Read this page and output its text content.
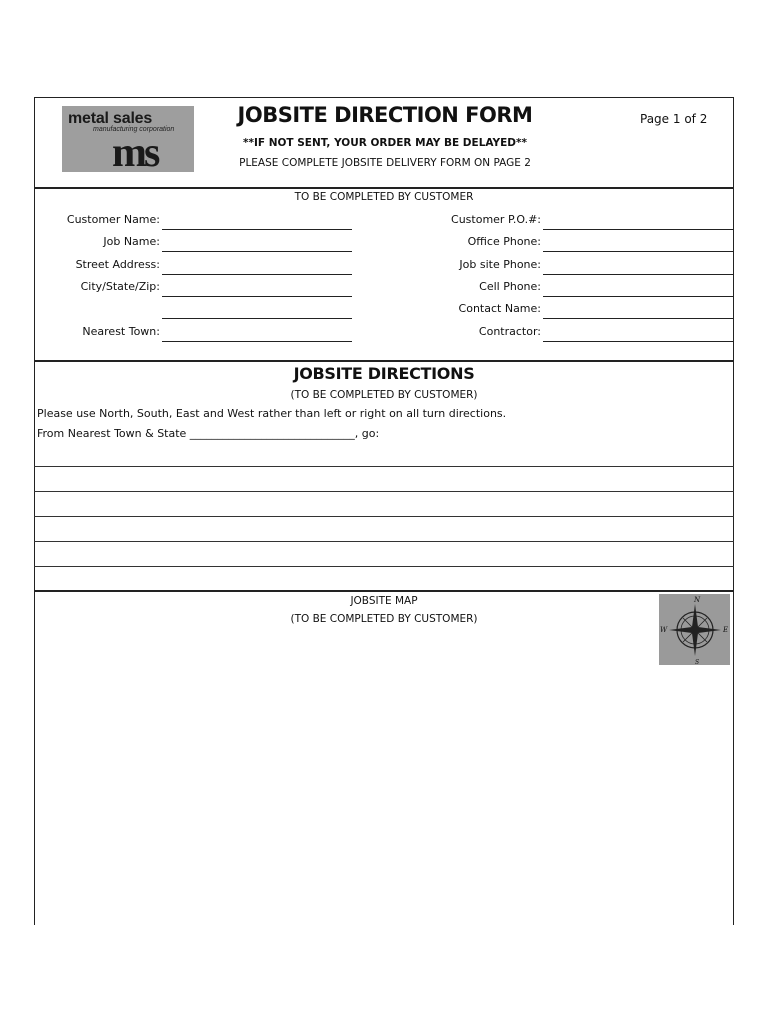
metal sales
manufacturing corporation
ms
JOBSITE DIRECTION FORM	Page 1 of 2
**IF NOT SENT, YOUR ORDER MAY BE DELAYED**
PLEASE COMPLETE JOBSITE DELIVERY FORM ON PAGE 2
TO BE COMPLETED BY CUSTOMER
Customer Name:
Job Name:
Street Address:
City/State/Zip:
Nearest Town:
Customer P.O.#:
Office Phone:
Job site Phone:
Cell Phone:
Contact Name:
Contractor:
JOBSITE DIRECTIONS
(TO BE COMPLETED BY CUSTOMER)
Please use North, South, East and West rather than left or right on all turn directions.
From Nearest Town & State ______________________________, go:
JOBSITE MAP
(TO BE COMPLETED BY CUSTOMER)
N
S
E
W
